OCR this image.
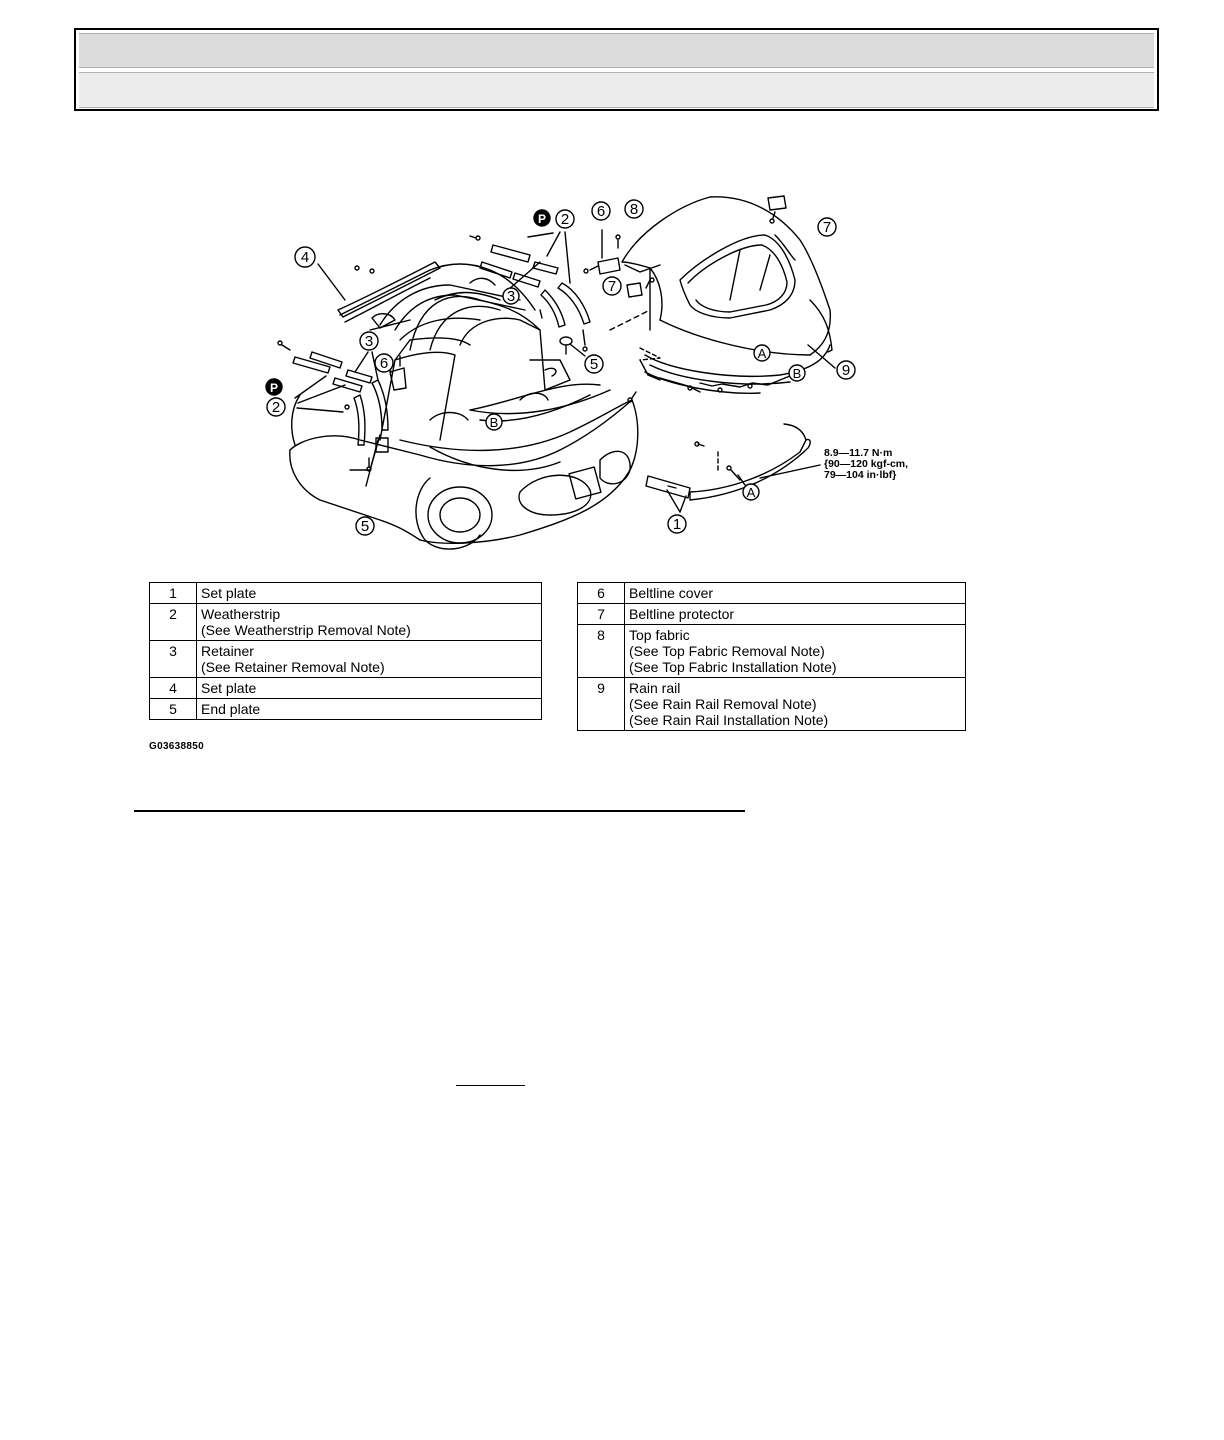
4
2
P	6 8
7
7
3
5
3
6
P
2
B
5
A
B	9
A
1
8.9—11.7 N·m
{90—120 kgf-cm,
79—104 in·lbf}
1	Set plate

2	Weatherstrip
(See Weatherstrip Removal Note)

3	Retainer
(See Retainer Removal Note)

4	Set plate

5	End plate
6	Beltline cover

7	Beltline protector

8	Top fabric
(See Top Fabric Removal Note)
(See Top Fabric Installation Note)

9	Rain rail
(See Rain Rail Removal Note)
(See Rain Rail Installation Note)
G03638850
